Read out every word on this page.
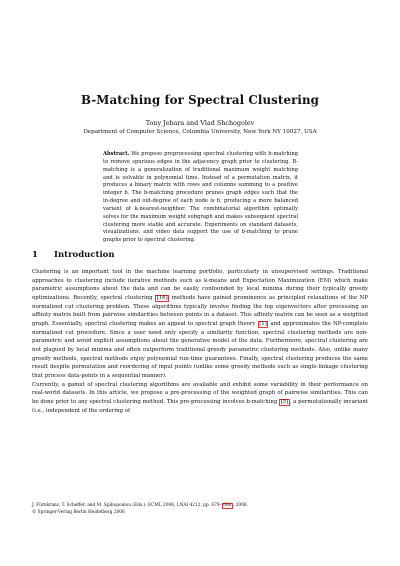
B-Matching for Spectral Clustering
Tony Jebara and Vlad Shchogolev
Department of Computer Science, Columbia University, New York NY 10027, USA
Abstract. We propose preprocessing spectral clustering with b-matching to remove spurious edges in the adjacency graph prior to clustering. B-matching is a generalization of traditional maximum weight matching and is solvable in polynomial time. Instead of a permutation matrix, it produces a binary matrix with rows and columns summing to a positive integer b. The b-matching procedure prunes graph edges such that the in-degree and out-degree of each node is b, producing a more balanced variant of k-nearest-neighbor. The combinatorial algorithm optimally solves for the maximum weight subgraph and makes subsequent spectral clustering more stable and accurate. Experiments on standard datasets, visualizations, and video data support the use of b-matching to prune graphs prior to spectral clustering.
1 Introduction

Clustering is an important tool in the machine learning portfolio, particularly in unsupervised settings. Traditional approaches to clustering include iterative methods such as k-means and Expectation Maximization (EM) which make parametric assumptions about the data and can be easily confounded by local minima during their typically greedy optimizations. Recently, spectral clustering [16] methods have gained prominence as principled relaxations of the NP normalized cut clustering problem. These algorithms typically involve finding the top eigenvectors after processing an affinity matrix built from pairwise similarities between points in a dataset. This affinity matrix can be seen as a weighted graph. Essentially, spectral clustering makes an appeal to spectral graph theory [1] and approximates the NP-complete normalized cut procedure. Since a user need only specify a similarity function, spectral clustering methods are non-parametric and avoid explicit assumptions about the generative model of the data. Furthermore, spectral clustering are not plagued by local minima and often outperform traditional greedy parametric clustering methods. Also, unlike many greedy methods, spectral methods enjoy polynomial run-time guarantees. Finally, spectral clustering produces the same result despite permutation and reordering of input points (unlike some greedy methods such as single-linkage clustering that process data-points in a sequential manner).

Currently, a gamut of spectral clustering algorithms are available and exhibit some variability in their performance on real-world datasets. In this article, we propose a pre-processing of the weighted graph of pairwise similarities. This can be done prior to any spectral clustering method. This pre-processing involves b-matching [5] , a permutationally invariant (i.e., independent of the ordering of

J. Fürnkranz, T. Scheffer, and M. Spiliopoulou (Eds.): ECML 2006, LNAI 4212, pp. 679– 686 , 2006.
© Springer-Verlag Berlin Heidelberg 2006
